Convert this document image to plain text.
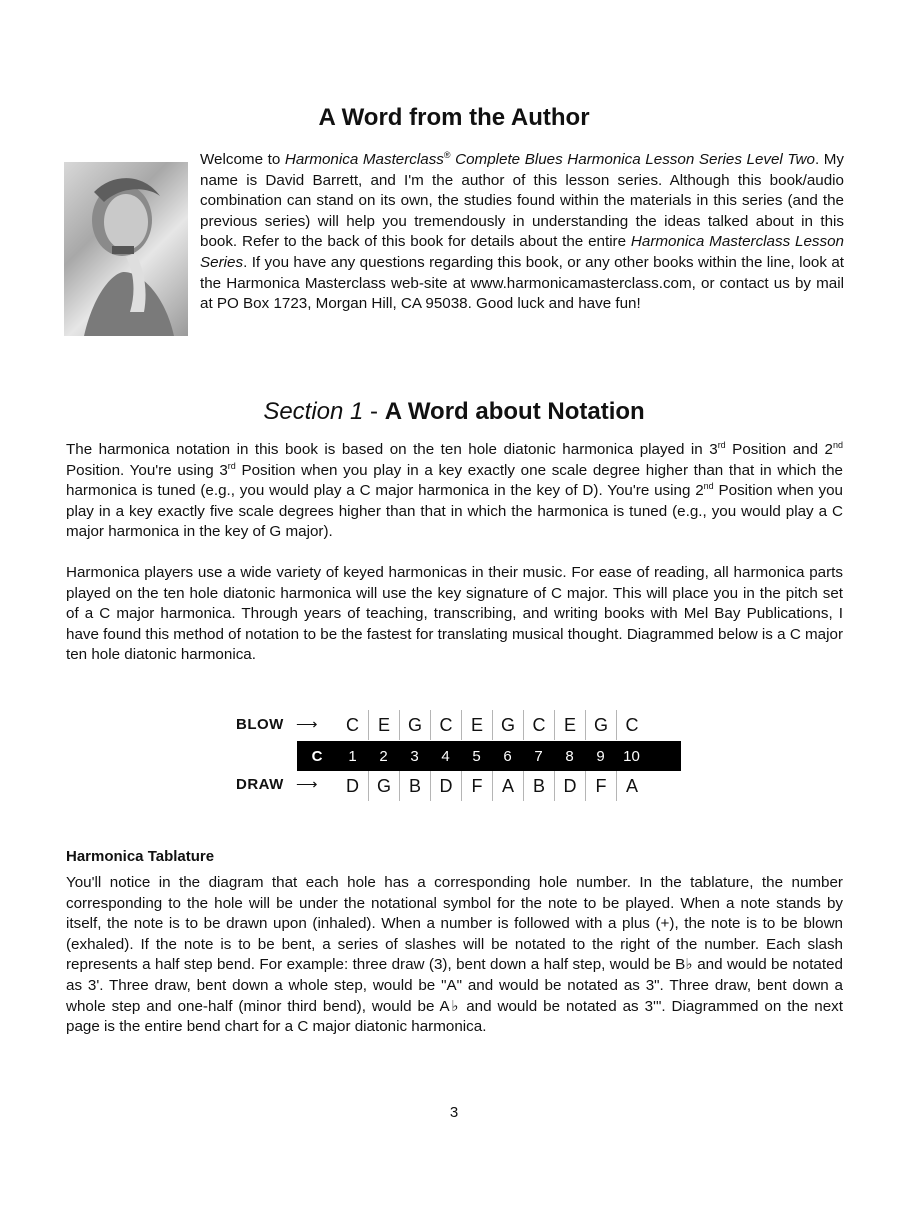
A Word from the Author

Welcome to Harmonica Masterclass® Complete Blues Harmonica Lesson Series Level Two. My name is David Barrett, and I'm the author of this lesson series. Although this book/audio combination can stand on its own, the studies found within the materials in this series (and the previous series) will help you tremendously in understanding the ideas talked about in this book. Refer to the back of this book for details about the entire Harmonica Masterclass Lesson Series. If you have any questions regarding this book, or any other books within the line, look at the Harmonica Masterclass web-site at www.harmonicamasterclass.com, or contact us by mail at PO Box 1723, Morgan Hill, CA 95038. Good luck and have fun!

Section 1 - A Word about Notation

The harmonica notation in this book is based on the ten hole diatonic harmonica played in 3rd Position and 2nd Position. You're using 3rd Position when you play in a key exactly one scale degree higher than that in which the harmonica is tuned (e.g., you would play a C major harmonica in the key of D). You're using 2nd Position when you play in a key exactly five scale degrees higher than that in which the harmonica is tuned (e.g., you would play a C major harmonica in the key of G major).

Harmonica players use a wide variety of keyed harmonicas in their music. For ease of reading, all harmonica parts played on the ten hole diatonic harmonica will use the key signature of C major. This will place you in the pitch set of a C major harmonica. Through years of teaching, transcribing, and writing books with Mel Bay Publications, I have found this method of notation to be the fastest for translating musical thought. Diagrammed below is a C major ten hole diatonic harmonica.

BLOW ⟶	C	E G C	E G C	E G C
C	1	2	3	4	5	6	7	8	9	10
DRAW ⟶	D G B	D	F	A	B	D	F	A
Harmonica Tablature

You'll notice in the diagram that each hole has a corresponding hole number. In the tablature, the number corresponding to the hole will be under the notational symbol for the note to be played. When a note stands by itself, the note is to be drawn upon (inhaled). When a number is followed with a plus (+), the note is to be blown (exhaled). If the note is to be bent, a series of slashes will be notated to the right of the number. Each slash represents a half step bend. For example: three draw (3), bent down a half step, would be B♭ and would be notated as 3'. Three draw, bent down a whole step, would be "A" and would be notated as 3". Three draw, bent down a whole step and one-half (minor third bend), would be A♭ and would be notated as 3'". Diagrammed on the next page is the entire bend chart for a C major diatonic harmonica.

3
